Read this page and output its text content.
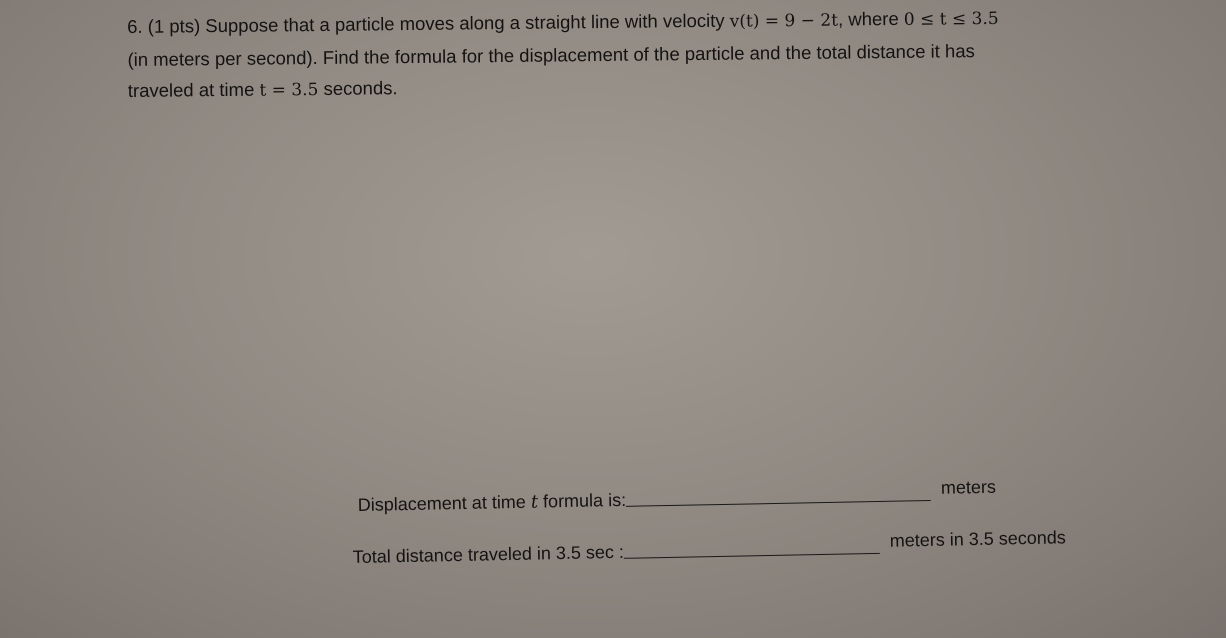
6. (1 pts) Suppose that a particle moves along a straight line with velocity v(t) = 9 − 2t, where 0 ≤ t ≤ 3.5
(in meters per second). Find the formula for the displacement of the particle and the total distance it has
traveled at time t = 3.5 seconds.
Displacement at time t formula is:meters
Total distance traveled in 3.5 sec :meters in 3.5 seconds
